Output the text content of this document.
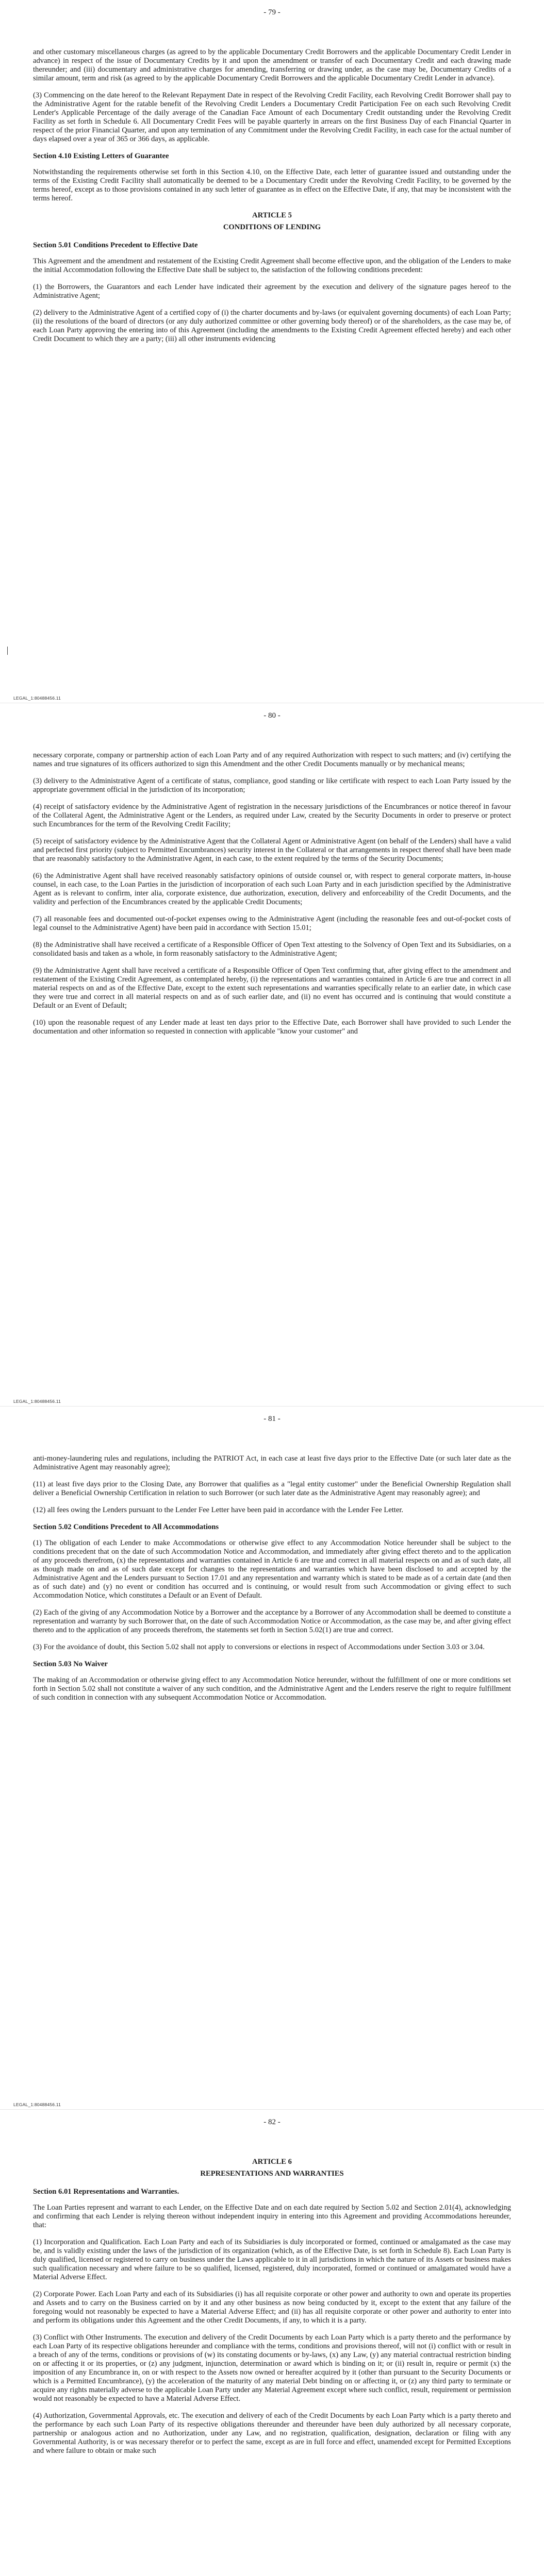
- 79 -

and other customary miscellaneous charges (as agreed to by the applicable Documentary Credit Borrowers and the applicable Documentary Credit Lender in advance) in respect of the issue of Documentary Credits by it and upon the amendment or transfer of each Documentary Credit and each drawing made thereunder; and (iii) documentary and administrative charges for amending, transferring or drawing under, as the case may be, Documentary Credits of a similar amount, term and risk (as agreed to by the applicable Documentary Credit Borrowers and the applicable Documentary Credit Lender in advance).

(3) Commencing on the date hereof to the Relevant Repayment Date in respect of the Revolving Credit Facility, each Revolving Credit Borrower shall pay to the Administrative Agent for the ratable benefit of the Revolving Credit Lenders a Documentary Credit Participation Fee on each such Revolving Credit Lender's Applicable Percentage of the daily average of the Canadian Face Amount of each Documentary Credit outstanding under the Revolving Credit Facility as set forth in Schedule 6. All Documentary Credit Fees will be payable quarterly in arrears on the first Business Day of each Financial Quarter in respect of the prior Financial Quarter, and upon any termination of any Commitment under the Revolving Credit Facility, in each case for the actual number of days elapsed over a year of 365 or 366 days, as applicable.

Section 4.10 Existing Letters of Guarantee

Notwithstanding the requirements otherwise set forth in this Section 4.10, on the Effective Date, each letter of guarantee issued and outstanding under the terms of the Existing Credit Facility shall automatically be deemed to be a Documentary Credit under the Revolving Credit Facility, to be governed by the terms hereof, except as to those provisions contained in any such letter of guarantee as in effect on the Effective Date, if any, that may be inconsistent with the terms hereof.

ARTICLE 5
CONDITIONS OF LENDING
Section 5.01 Conditions Precedent to Effective Date

This Agreement and the amendment and restatement of the Existing Credit Agreement shall become effective upon, and the obligation of the Lenders to make the initial Accommodation following the Effective Date shall be subject to, the satisfaction of the following conditions precedent:

(1) the Borrowers, the Guarantors and each Lender have indicated their agreement by the execution and delivery of the signature pages hereof to the Administrative Agent;

(2) delivery to the Administrative Agent of a certified copy of (i) the charter documents and by-laws (or equivalent governing documents) of each Loan Party; (ii) the resolutions of the board of directors (or any duly authorized committee or other governing body thereof) or of the shareholders, as the case may be, of each Loan Party approving the entering into of this Agreement (including the amendments to the Existing Credit Agreement effected hereby) and each other Credit Document to which they are a party; (iii) all other instruments evidencing

LEGAL_1:80488456.11
- 80 -

necessary corporate, company or partnership action of each Loan Party and of any required Authorization with respect to such matters; and (iv) certifying the names and true signatures of its officers authorized to sign this Amendment and the other Credit Documents manually or by mechanical means;

(3) delivery to the Administrative Agent of a certificate of status, compliance, good standing or like certificate with respect to each Loan Party issued by the appropriate government official in the jurisdiction of its incorporation;

(4) receipt of satisfactory evidence by the Administrative Agent of registration in the necessary jurisdictions of the Encumbrances or notice thereof in favour of the Collateral Agent, the Administrative Agent or the Lenders, as required under Law, created by the Security Documents in order to preserve or protect such Encumbrances for the term of the Revolving Credit Facility;

(5) receipt of satisfactory evidence by the Administrative Agent that the Collateral Agent or Administrative Agent (on behalf of the Lenders) shall have a valid and perfected first priority (subject to Permitted Encumbrances) security interest in the Collateral or that arrangements in respect thereof shall have been made that are reasonably satisfactory to the Administrative Agent, in each case, to the extent required by the terms of the Security Documents;

(6) the Administrative Agent shall have received reasonably satisfactory opinions of outside counsel or, with respect to general corporate matters, in-house counsel, in each case, to the Loan Parties in the jurisdiction of incorporation of each such Loan Party and in each jurisdiction specified by the Administrative Agent as is relevant to confirm, inter alia, corporate existence, due authorization, execution, delivery and enforceability of the Credit Documents, and the validity and perfection of the Encumbrances created by the applicable Credit Documents;

(7) all reasonable fees and documented out-of-pocket expenses owing to the Administrative Agent (including the reasonable fees and out-of-pocket costs of legal counsel to the Administrative Agent) have been paid in accordance with Section 15.01;

(8) the Administrative shall have received a certificate of a Responsible Officer of Open Text attesting to the Solvency of Open Text and its Subsidiaries, on a consolidated basis and taken as a whole, in form reasonably satisfactory to the Administrative Agent;

(9) the Administrative Agent shall have received a certificate of a Responsible Officer of Open Text confirming that, after giving effect to the amendment and restatement of the Existing Credit Agreement, as contemplated hereby, (i) the representations and warranties contained in Article 6 are true and correct in all material respects on and as of the Effective Date, except to the extent such representations and warranties specifically relate to an earlier date, in which case they were true and correct in all material respects on and as of such earlier date, and (ii) no event has occurred and is continuing that would constitute a Default or an Event of Default;

(10) upon the reasonable request of any Lender made at least ten days prior to the Effective Date, each Borrower shall have provided to such Lender the documentation and other information so requested in connection with applicable "know your customer" and

LEGAL_1:80488456.11
- 81 -

anti-money-laundering rules and regulations, including the PATRIOT Act, in each case at least five days prior to the Effective Date (or such later date as the Administrative Agent may reasonably agree);

(11) at least five days prior to the Closing Date, any Borrower that qualifies as a "legal entity customer" under the Beneficial Ownership Regulation shall deliver a Beneficial Ownership Certification in relation to such Borrower (or such later date as the Administrative Agent may reasonably agree); and

(12) all fees owing the Lenders pursuant to the Lender Fee Letter have been paid in accordance with the Lender Fee Letter.

Section 5.02 Conditions Precedent to All Accommodations

(1) The obligation of each Lender to make Accommodations or otherwise give effect to any Accommodation Notice hereunder shall be subject to the conditions precedent that on the date of such Accommodation Notice and Accommodation, and immediately after giving effect thereto and to the application of any proceeds therefrom, (x) the representations and warranties contained in Article 6 are true and correct in all material respects on and as of such date, all as though made on and as of such date except for changes to the representations and warranties which have been disclosed to and accepted by the Administrative Agent and the Lenders pursuant to Section 17.01 and any representation and warranty which is stated to be made as of a certain date (and then as of such date) and (y) no event or condition has occurred and is continuing, or would result from such Accommodation or giving effect to such Accommodation Notice, which constitutes a Default or an Event of Default.

(2) Each of the giving of any Accommodation Notice by a Borrower and the acceptance by a Borrower of any Accommodation shall be deemed to constitute a representation and warranty by such Borrower that, on the date of such Accommodation Notice or Accommodation, as the case may be, and after giving effect thereto and to the application of any proceeds therefrom, the statements set forth in Section 5.02(1) are true and correct.

(3) For the avoidance of doubt, this Section 5.02 shall not apply to conversions or elections in respect of Accommodations under Section 3.03 or 3.04.

Section 5.03 No Waiver

The making of an Accommodation or otherwise giving effect to any Accommodation Notice hereunder, without the fulfillment of one or more conditions set forth in Section 5.02 shall not constitute a waiver of any such condition, and the Administrative Agent and the Lenders reserve the right to require fulfillment of such condition in connection with any subsequent Accommodation Notice or Accommodation.

LEGAL_1:80488456.11
- 82 -
ARTICLE 6
REPRESENTATIONS AND WARRANTIES
Section 6.01 Representations and Warranties.

The Loan Parties represent and warrant to each Lender, on the Effective Date and on each date required by Section 5.02 and Section 2.01(4), acknowledging and confirming that each Lender is relying thereon without independent inquiry in entering into this Agreement and providing Accommodations hereunder, that:

(1) Incorporation and Qualification. Each Loan Party and each of its Subsidiaries is duly incorporated or formed, continued or amalgamated as the case may be, and is validly existing under the laws of the jurisdiction of its organization (which, as of the Effective Date, is set forth in Schedule 8). Each Loan Party is duly qualified, licensed or registered to carry on business under the Laws applicable to it in all jurisdictions in which the nature of its Assets or business makes such qualification necessary and where failure to be so qualified, licensed, registered, duly incorporated, formed or continued or amalgamated would have a Material Adverse Effect.

(2) Corporate Power. Each Loan Party and each of its Subsidiaries (i) has all requisite corporate or other power and authority to own and operate its properties and Assets and to carry on the Business carried on by it and any other business as now being conducted by it, except to the extent that any failure of the foregoing would not reasonably be expected to have a Material Adverse Effect; and (ii) has all requisite corporate or other power and authority to enter into and perform its obligations under this Agreement and the other Credit Documents, if any, to which it is a party.

(3) Conflict with Other Instruments. The execution and delivery of the Credit Documents by each Loan Party which is a party thereto and the performance by each Loan Party of its respective obligations hereunder and compliance with the terms, conditions and provisions thereof, will not (i) conflict with or result in a breach of any of the terms, conditions or provisions of (w) its constating documents or by-laws, (x) any Law, (y) any material contractual restriction binding on or affecting it or its properties, or (z) any judgment, injunction, determination or award which is binding on it; or (ii) result in, require or permit (x) the imposition of any Encumbrance in, on or with respect to the Assets now owned or hereafter acquired by it (other than pursuant to the Security Documents or which is a Permitted Encumbrance), (y) the acceleration of the maturity of any material Debt binding on or affecting it, or (z) any third party to terminate or acquire any rights materially adverse to the applicable Loan Party under any Material Agreement except where such conflict, result, requirement or permission would not reasonably be expected to have a Material Adverse Effect.

(4) Authorization, Governmental Approvals, etc. The execution and delivery of each of the Credit Documents by each Loan Party which is a party thereto and the performance by each such Loan Party of its respective obligations thereunder and thereunder have been duly authorized by all necessary corporate, partnership or analogous action and no Authorization, under any Law, and no registration, qualification, designation, declaration or filing with any Governmental Authority, is or was necessary therefor or to perfect the same, except as are in full force and effect, unamended except for Permitted Exceptions and where failure to obtain or make such
